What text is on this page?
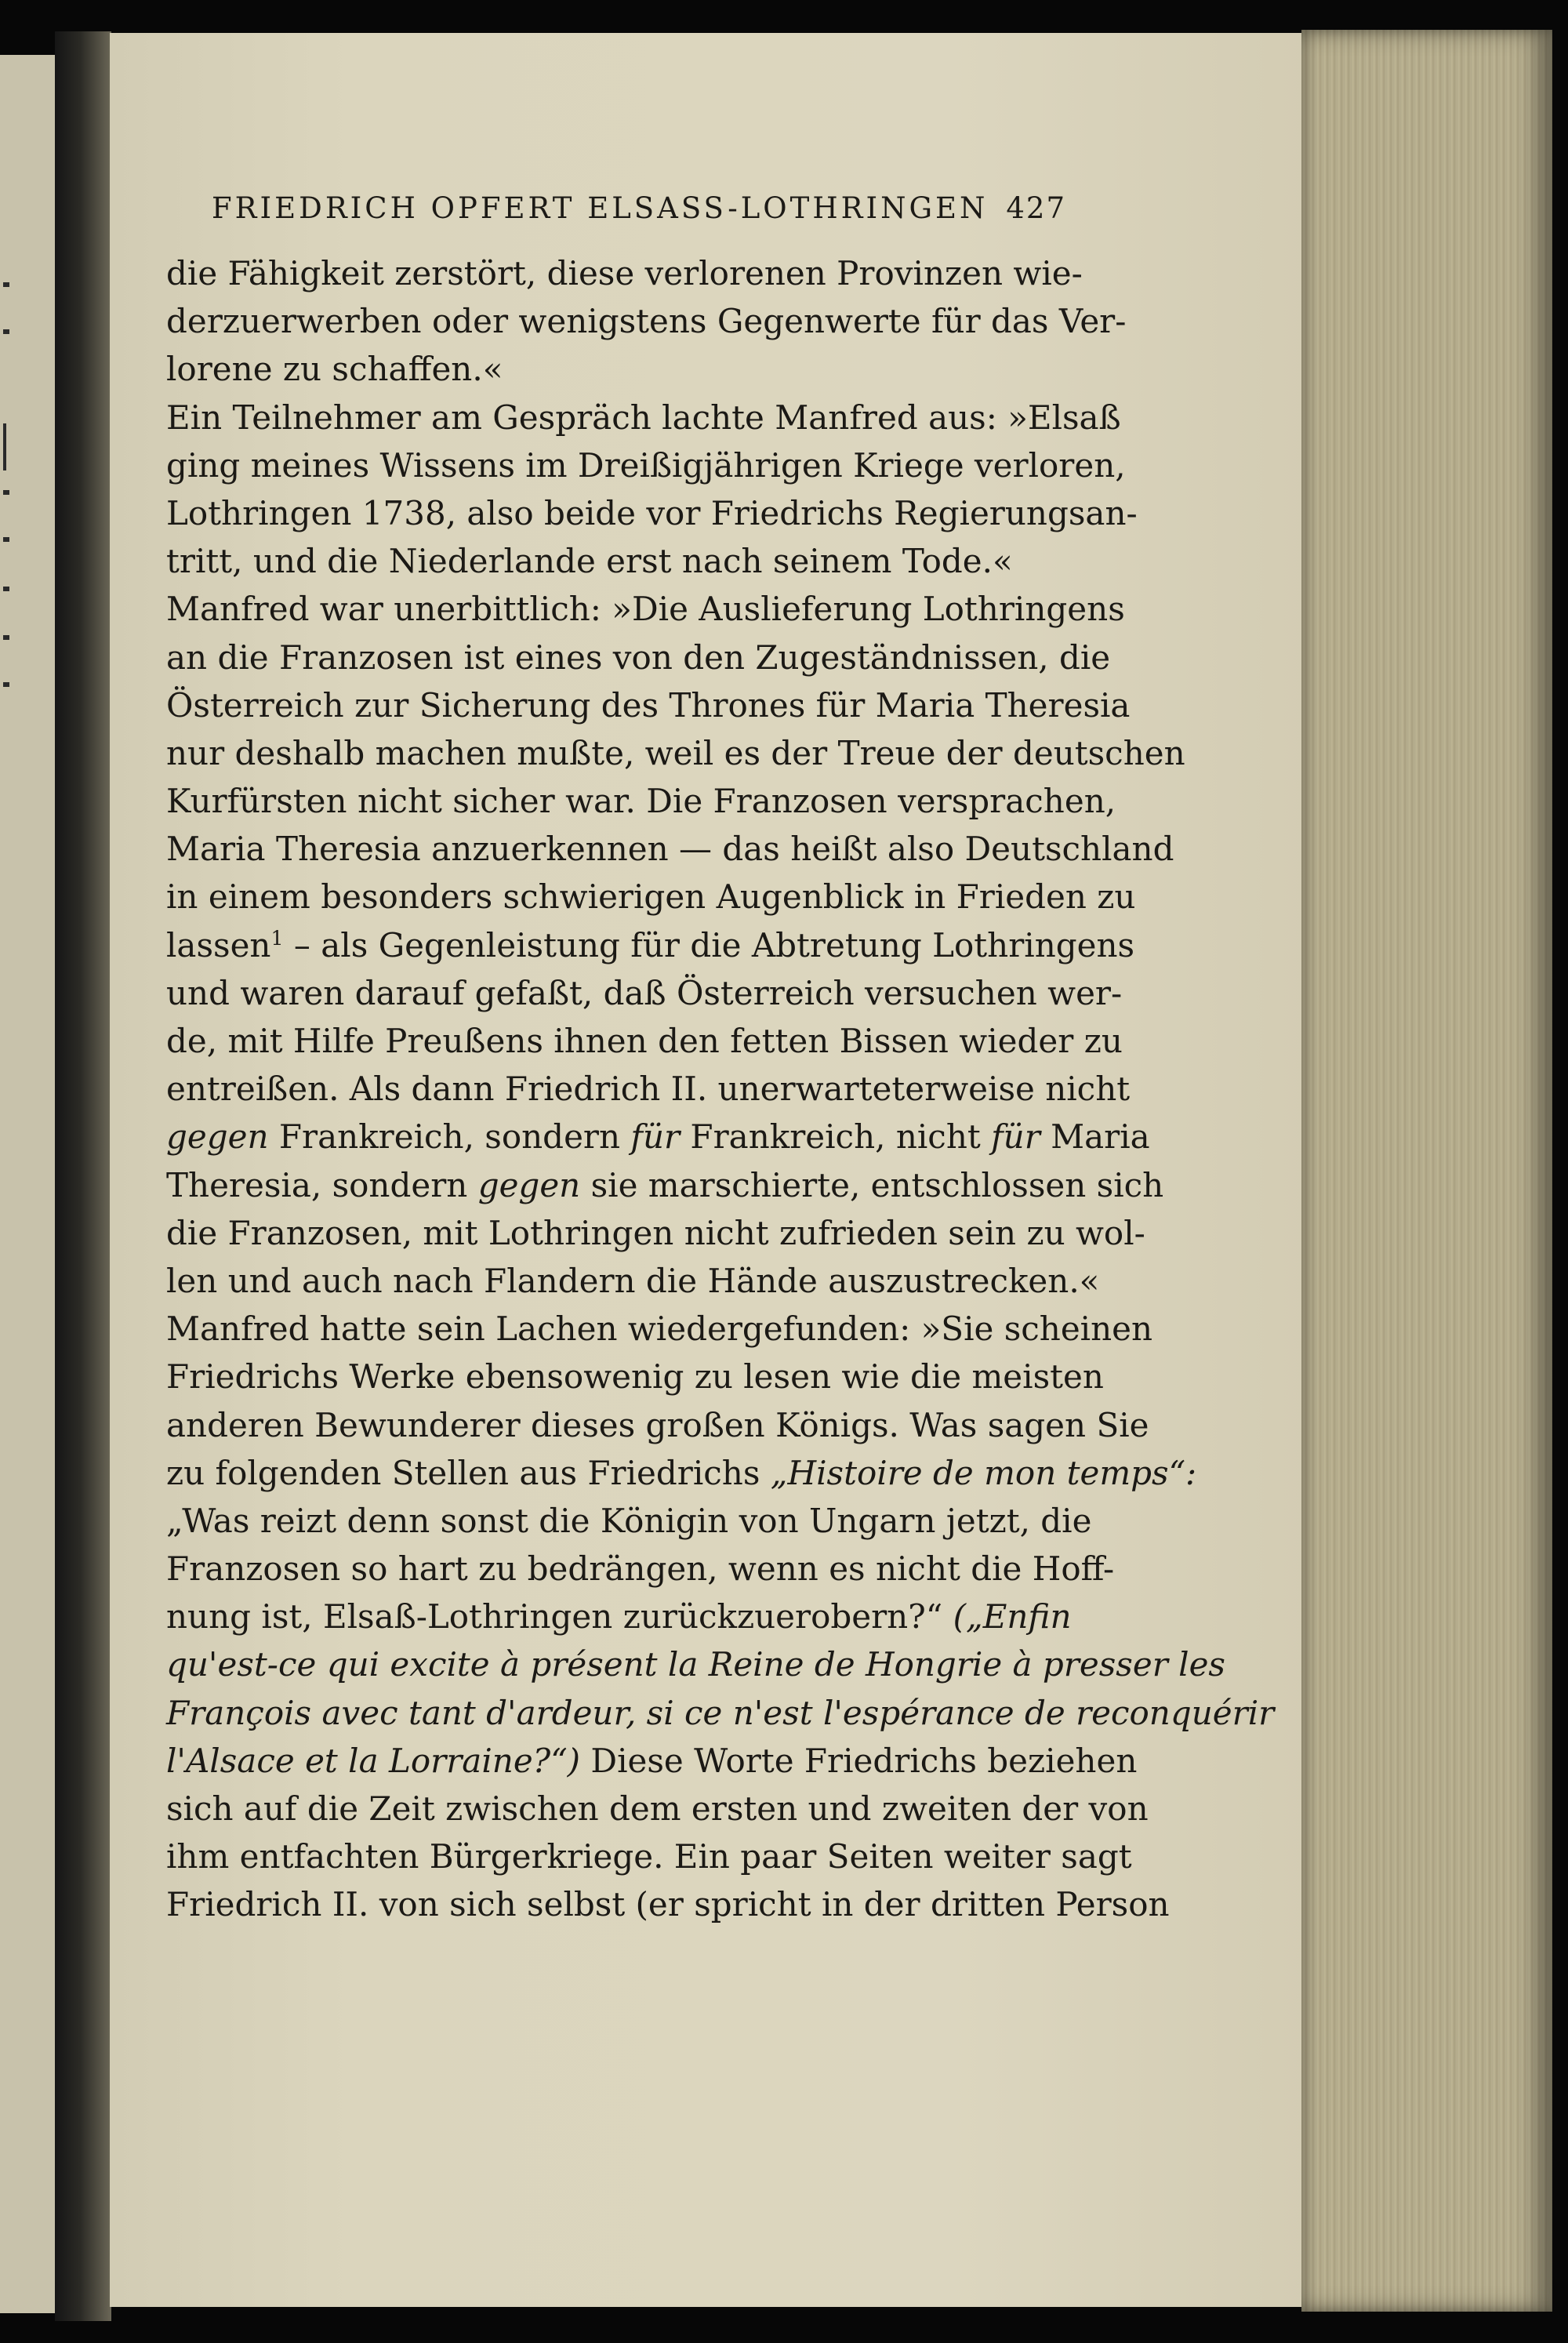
FRIEDRICH OPFERT ELSASS-LOTHRINGEN 427
die Fähigkeit zerstört, diese verlorenen Provinzen wie-
derzuerwerben oder wenigstens Gegenwerte für das Ver-
lorene zu schaffen.«
Ein Teilnehmer am Gespräch lachte Manfred aus: »Elsaß
ging meines Wissens im Dreißigjährigen Kriege verloren,
Lothringen 1738, also beide vor Friedrichs Regierungsan-
tritt, und die Niederlande erst nach seinem Tode.«
Manfred war unerbittlich: »Die Auslieferung Lothringens
an die Franzosen ist eines von den Zugeständnissen, die
Österreich zur Sicherung des Thrones für Maria Theresia
nur deshalb machen mußte, weil es der Treue der deutschen
Kurfürsten nicht sicher war. Die Franzosen versprachen,
Maria Theresia anzuerkennen — das heißt also Deutschland
in einem besonders schwierigen Augenblick in Frieden zu
lassen$^1$ – als Gegenleistung für die Abtretung Lothringens
und waren darauf gefaßt, daß Österreich versuchen wer-
de, mit Hilfe Preußens ihnen den fetten Bissen wieder zu
entreißen. Als dann Friedrich II. unerwarteterweise nicht
gegen Frankreich, sondern für Frankreich, nicht für Maria
Theresia, sondern gegen sie marschierte, entschlossen sich
die Franzosen, mit Lothringen nicht zufrieden sein zu wol-
len und auch nach Flandern die Hände auszustrecken.«
Manfred hatte sein Lachen wiedergefunden: »Sie scheinen
Friedrichs Werke ebensowenig zu lesen wie die meisten
anderen Bewunderer dieses großen Königs. Was sagen Sie
zu folgenden Stellen aus Friedrichs „Histoire de mon temps“:
„Was reizt denn sonst die Königin von Ungarn jetzt, die
Franzosen so hart zu bedrängen, wenn es nicht die Hoff-
nung ist, Elsaß-Lothringen zurückzuerobern?“ („Enfin
qu'est-ce qui excite à présent la Reine de Hongrie à presser les
François avec tant d'ardeur, si ce n'est l'espérance de reconquérir
l'Alsace et la Lorraine?“) Diese Worte Friedrichs beziehen
sich auf die Zeit zwischen dem ersten und zweiten der von
ihm entfachten Bürgerkriege. Ein paar Seiten weiter sagt
Friedrich II. von sich selbst (er spricht in der dritten Person
